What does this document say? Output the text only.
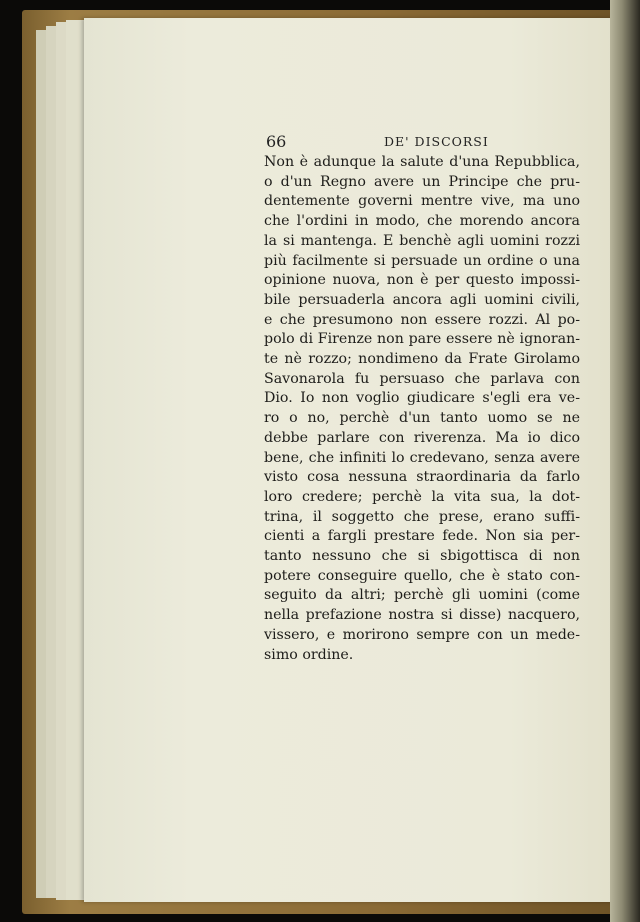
66	DE' DISCORSI
Non è adunque la salute d'una Repubblica,
o d'un Regno avere un Principe che pru-
dentemente governi mentre vive, ma uno
che l'ordini in modo, che morendo ancora
la si mantenga. E benchè agli uomini rozzi
più facilmente si persuade un ordine o una
opinione nuova, non è per questo impossi-
bile persuaderla ancora agli uomini civili,
e che presumono non essere rozzi. Al po-
polo di Firenze non pare essere nè ignoran-
te nè rozzo; nondimeno da Frate Girolamo
Savonarola fu persuaso che parlava con
Dio. Io non voglio giudicare s'egli era ve-
ro o no, perchè d'un tanto uomo se ne
debbe parlare con riverenza. Ma io dico
bene, che infiniti lo credevano, senza avere
visto cosa nessuna straordinaria da farlo
loro credere; perchè la vita sua, la dot-
trina, il soggetto che prese, erano suffi-
cienti a fargli prestare fede. Non sia per-
tanto nessuno che si sbigottisca di non
potere conseguire quello, che è stato con-
seguito da altri; perchè gli uomini (come
nella prefazione nostra si disse) nacquero,
vissero, e morirono sempre con un mede-
simo ordine.
